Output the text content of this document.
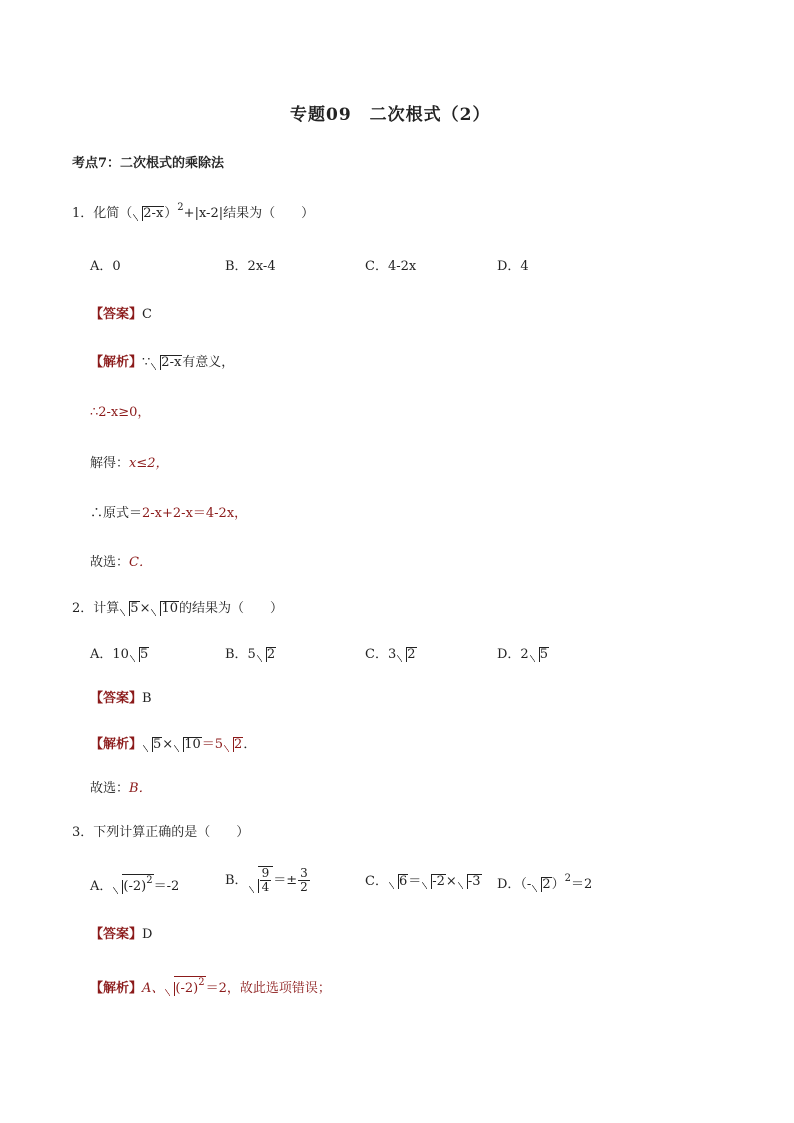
专题09　二次根式（2）
考点7：二次根式的乘除法
1．化简（ 2-x）$^2$+|x-2|结果为（　　）
A．0	B．2x-4	C．4-2x	D．4
【答案】C
【解析】∵ 2-x有意义，
∴2-x≥0，
解得：x≤2，
∴原式＝2-x+2-x＝4-2x，
故选：C．
2．计算 5× 10的结果为（　　）
A．10 5	B．5 2	C．3 2	D．2 5
【答案】B
【解析】 5× 10＝5 2．
故选：B．
3．下列计算正确的是（　　）
A． $(-2)^2=-2$	B． $\frac{9}{4} =\pm \frac{3}{2}$	C． 6＝ -2× -3 D．（- 2）$^2$＝2
【答案】D
【解析】A、 $(-2)^2=2$，故此选项错误；
